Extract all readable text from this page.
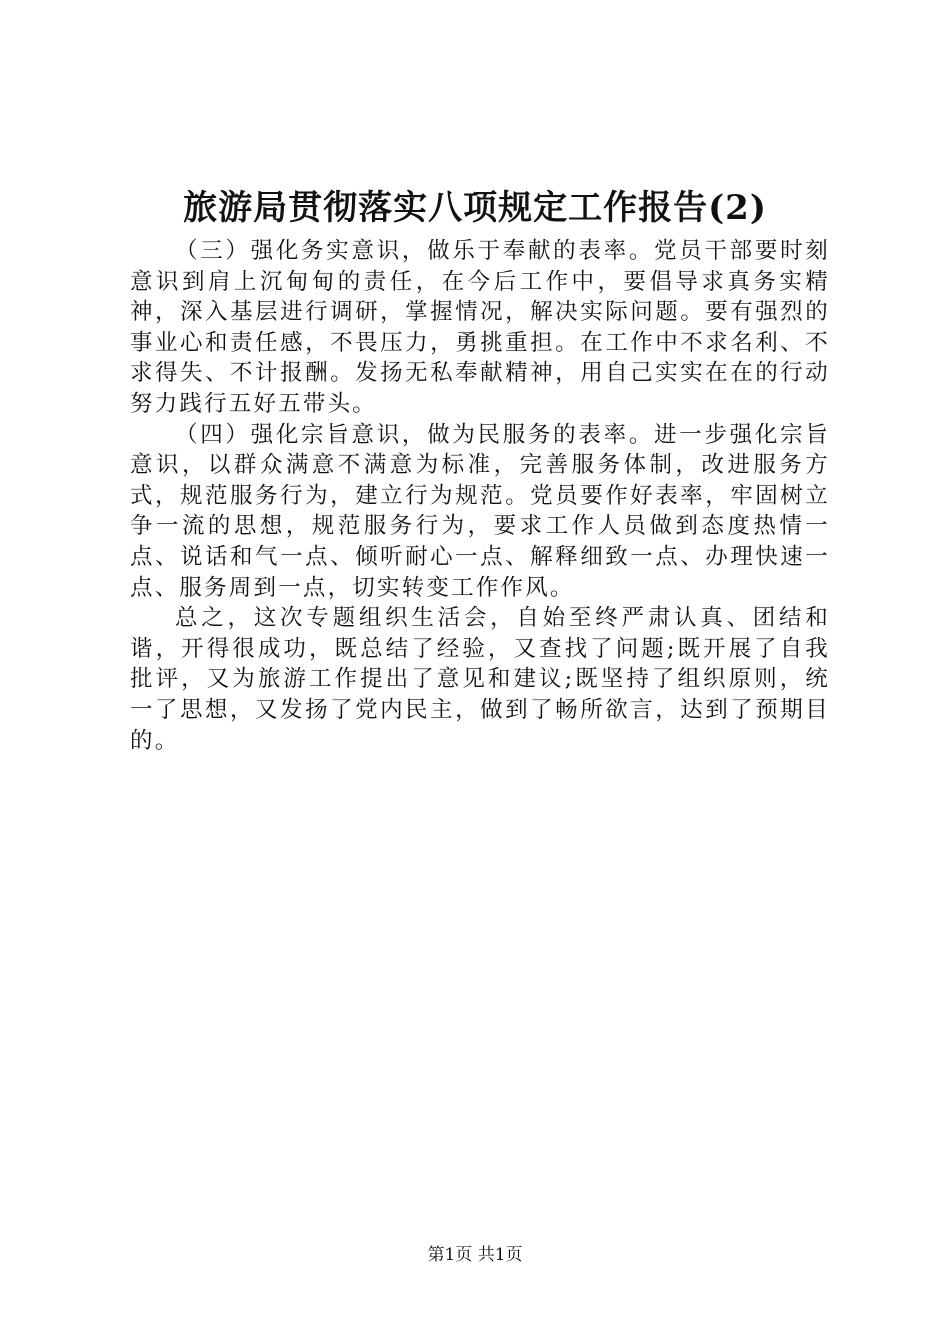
旅游局贯彻落实八项规定工作报告(2)

（三）强化务实意识，做乐于奉献的表率。党员干部要时刻意识到肩上沉甸甸的责任，在今后工作中，要倡导求真务实精神，深入基层进行调研，掌握情况，解决实际问题。要有强烈的事业心和责任感，不畏压力，勇挑重担。在工作中不求名利、不求得失、不计报酬。发扬无私奉献精神，用自己实实在在的行动努力践行五好五带头。

（四）强化宗旨意识，做为民服务的表率。进一步强化宗旨意识，以群众满意不满意为标准，完善服务体制，改进服务方式，规范服务行为，建立行为规范。党员要作好表率，牢固树立争一流的思想，规范服务行为，要求工作人员做到态度热情一点、说话和气一点、倾听耐心一点、解释细致一点、办理快速一点、服务周到一点，切实转变工作作风。

总之，这次专题组织生活会，自始至终严肃认真、团结和谐，开得很成功，既总结了经验，又查找了问题;既开展了自我批评，又为旅游工作提出了意见和建议;既坚持了组织原则，统一了思想，又发扬了党内民主，做到了畅所欲言，达到了预期目的。

第1页 共1页
